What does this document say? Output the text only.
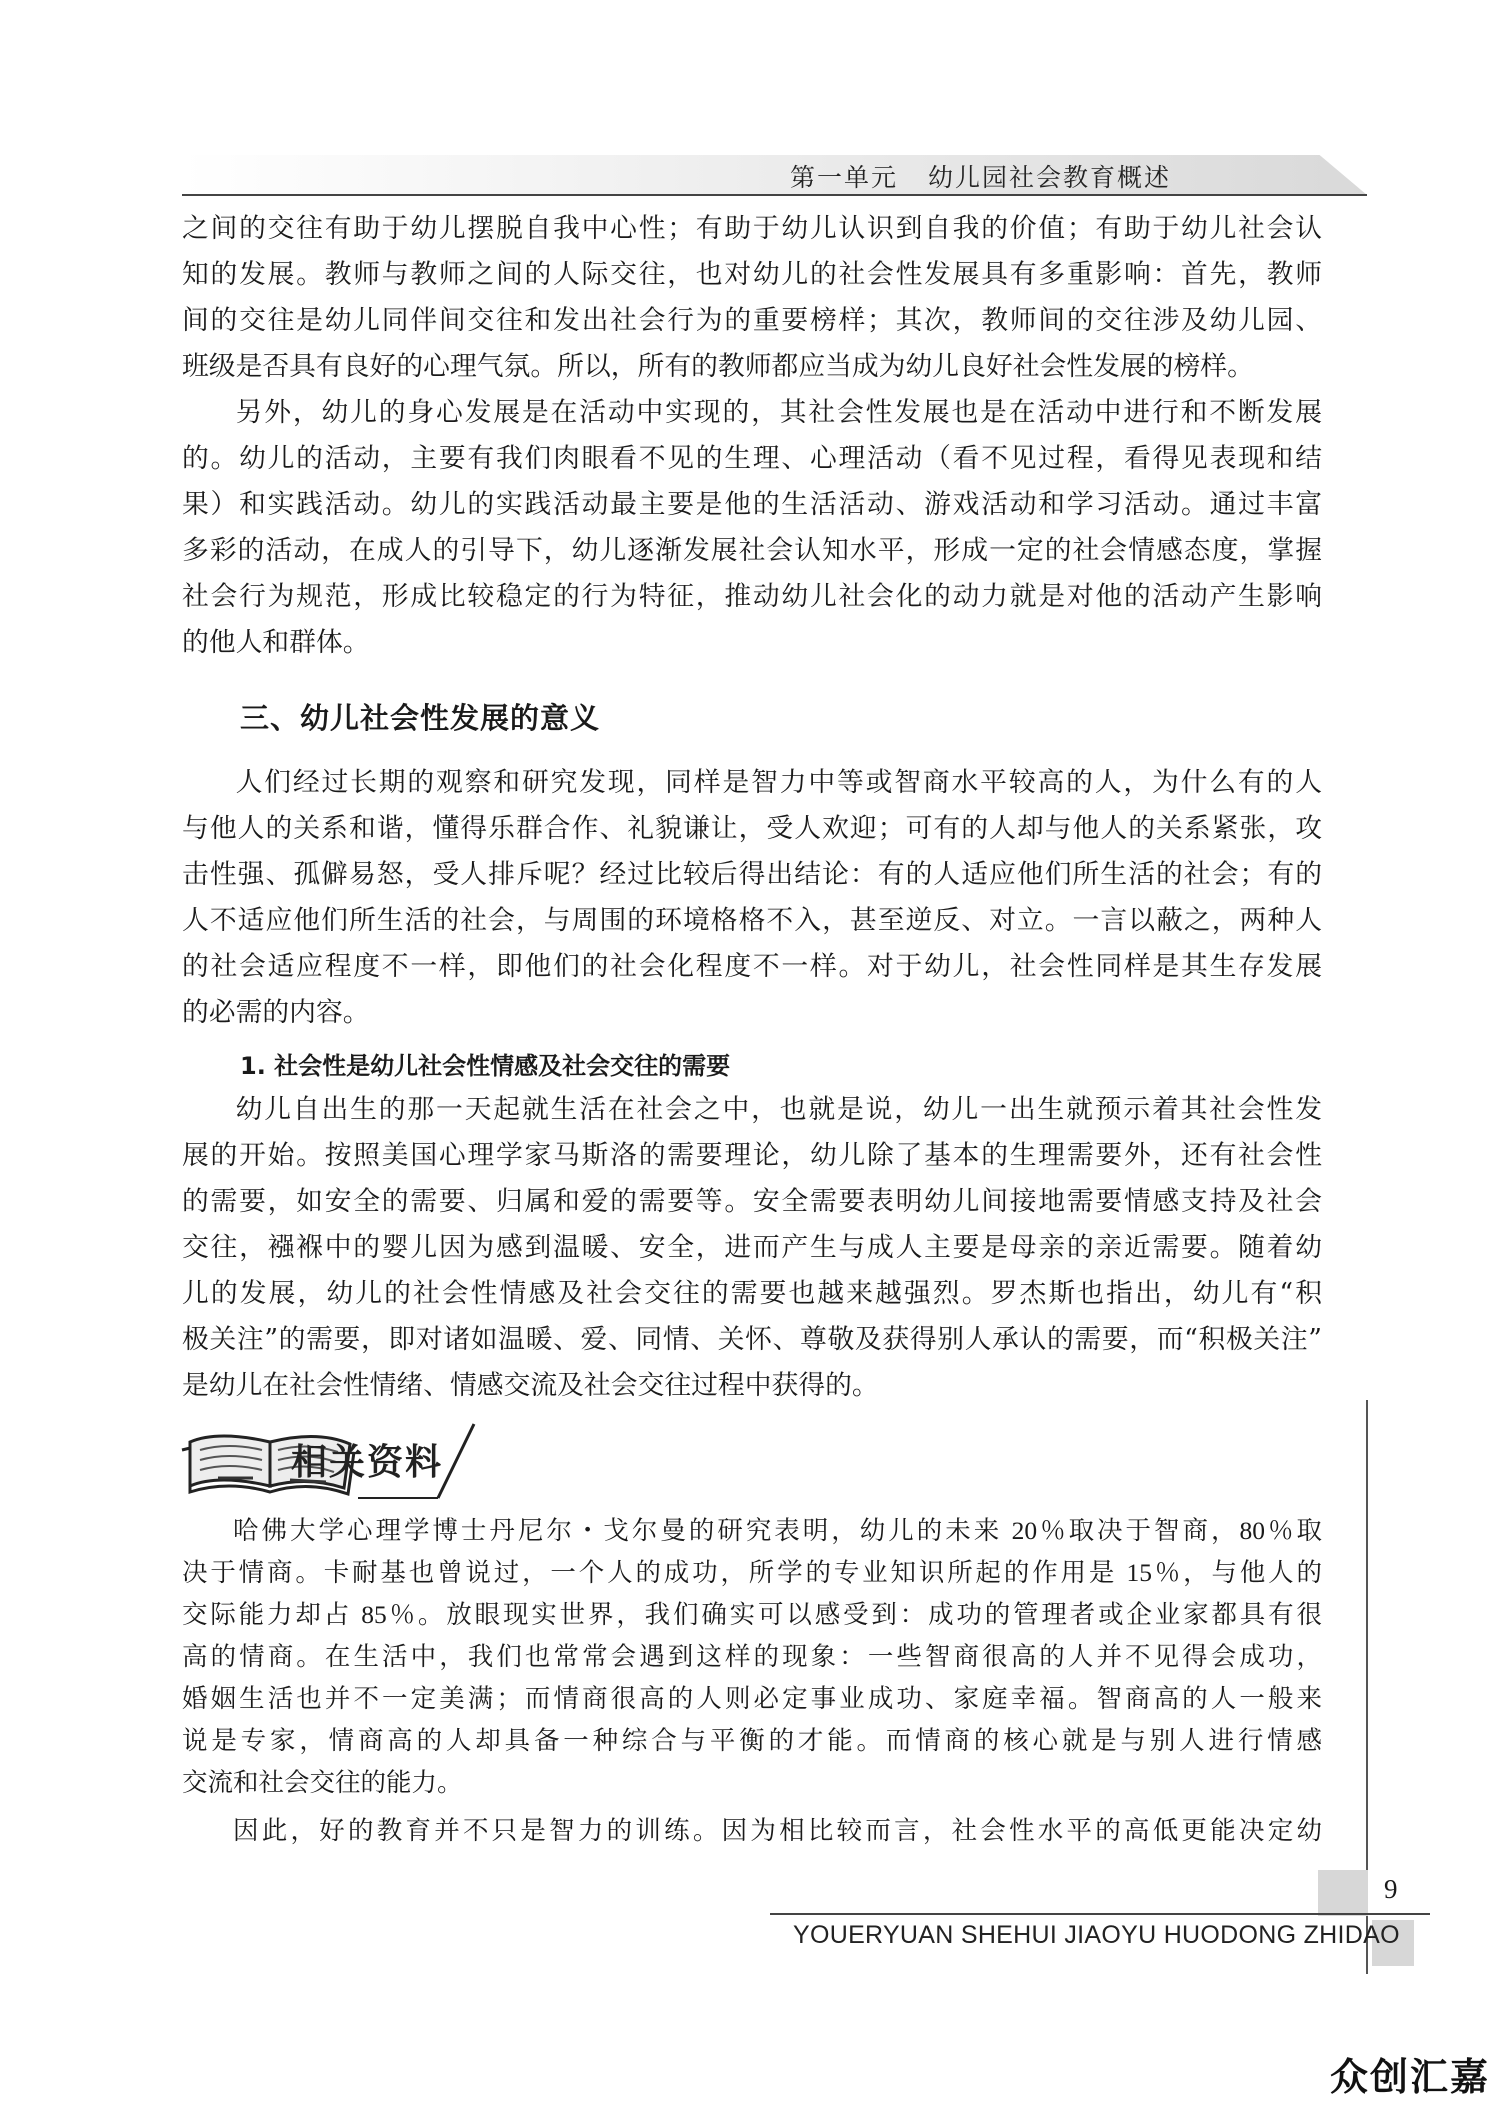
第一单元 幼儿园社会教育概述

之间的交往有助于幼儿摆脱自我中心性；有助于幼儿认识到自我的价值；有助于幼儿社会认

知的发展。教师与教师之间的人际交往，也对幼儿的社会性发展具有多重影响：首先，教师

间的交往是幼儿同伴间交往和发出社会行为的重要榜样；其次，教师间的交往涉及幼儿园、

班级是否具有良好的心理气氛。所以，所有的教师都应当成为幼儿良好社会性发展的榜样。

另外，幼儿的身心发展是在活动中实现的，其社会性发展也是在活动中进行和不断发展

的。幼儿的活动，主要有我们肉眼看不见的生理、心理活动（看不见过程，看得见表现和结

果）和实践活动。幼儿的实践活动最主要是他的生活活动、游戏活动和学习活动。通过丰富

多彩的活动，在成人的引导下，幼儿逐渐发展社会认知水平，形成一定的社会情感态度，掌握

社会行为规范，形成比较稳定的行为特征，推动幼儿社会化的动力就是对他的活动产生影响

的他人和群体。

三、幼儿社会性发展的意义

人们经过长期的观察和研究发现，同样是智力中等或智商水平较高的人，为什么有的人

与他人的关系和谐，懂得乐群合作、礼貌谦让，受人欢迎；可有的人却与他人的关系紧张，攻

击性强、孤僻易怒，受人排斥呢？经过比较后得出结论：有的人适应他们所生活的社会；有的

人不适应他们所生活的社会，与周围的环境格格不入，甚至逆反、对立。一言以蔽之，两种人

的社会适应程度不一样，即他们的社会化程度不一样。对于幼儿，社会性同样是其生存发展

的必需的内容。

1. 社会性是幼儿社会性情感及社会交往的需要

幼儿自出生的那一天起就生活在社会之中，也就是说，幼儿一出生就预示着其社会性发

展的开始。按照美国心理学家马斯洛的需要理论，幼儿除了基本的生理需要外，还有社会性

的需要，如安全的需要、归属和爱的需要等。安全需要表明幼儿间接地需要情感支持及社会

交往，襁褓中的婴儿因为感到温暖、安全，进而产生与成人主要是母亲的亲近需要。随着幼

儿的发展，幼儿的社会性情感及社会交往的需要也越来越强烈。罗杰斯也指出，幼儿有“积

极关注”的需要，即对诸如温暖、爱、同情、关怀、尊敬及获得别人承认的需要，而“积极关注”

是幼儿在社会性情绪、情感交流及社会交往过程中获得的。

相关资料

哈佛大学心理学博士丹尼尔・戈尔曼的研究表明，幼儿的未来 20％取决于智商，80％取

决于情商。卡耐基也曾说过，一个人的成功，所学的专业知识所起的作用是 15％，与他人的

交际能力却占 85％。放眼现实世界，我们确实可以感受到：成功的管理者或企业家都具有很

高的情商。在生活中，我们也常常会遇到这样的现象：一些智商很高的人并不见得会成功，

婚姻生活也并不一定美满；而情商很高的人则必定事业成功、家庭幸福。智商高的人一般来

说是专家，情商高的人却具备一种综合与平衡的才能。而情商的核心就是与别人进行情感

交流和社会交往的能力。

因此，好的教育并不只是智力的训练。因为相比较而言，社会性水平的高低更能决定幼

9
YOUERYUAN SHEHUI JIAOYU HUODONG ZHIDAO
众创汇嘉
